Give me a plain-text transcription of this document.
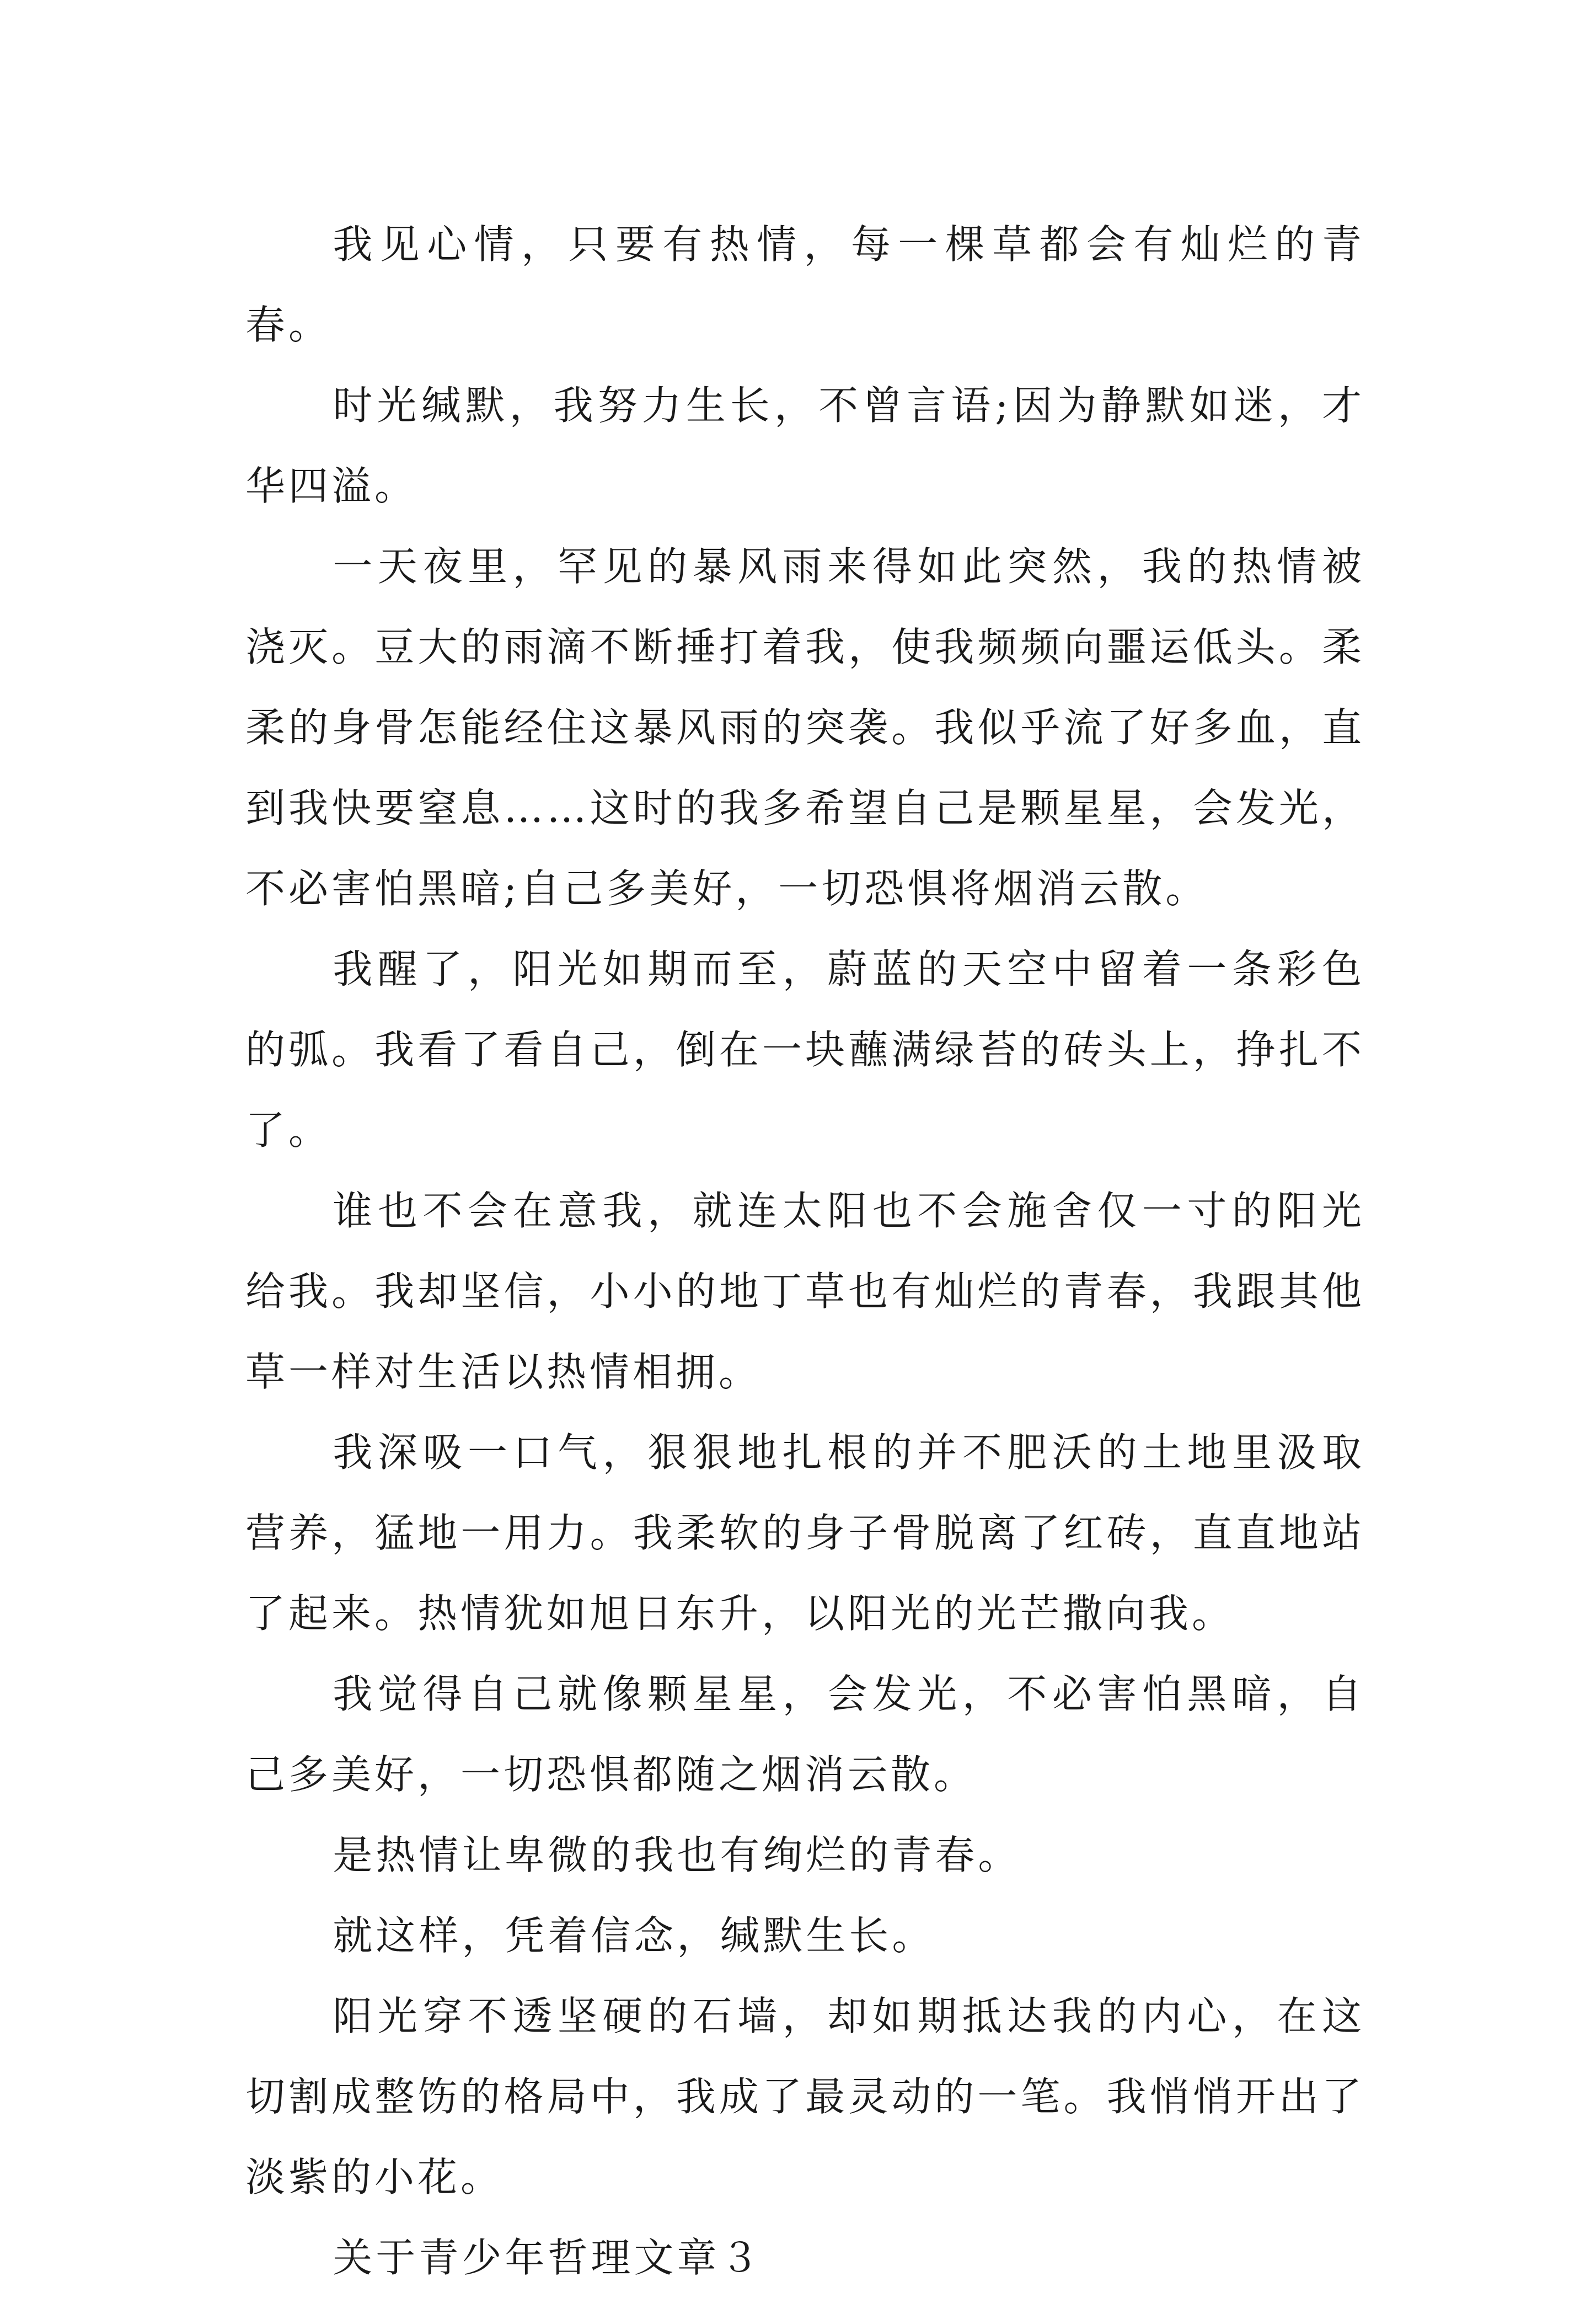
我见心情，只要有热情，每一棵草都会有灿烂的青春。

时光缄默，我努力生长，不曾言语;因为静默如迷，才华四溢。

一天夜里，罕见的暴风雨来得如此突然，我的热情被浇灭。豆大的雨滴不断捶打着我，使我频频向噩运低头。柔柔的身骨怎能经住这暴风雨的突袭。我似乎流了好多血，直到我快要窒息……这时的我多希望自己是颗星星，会发光，不必害怕黑暗;自己多美好，一切恐惧将烟消云散。

我醒了，阳光如期而至，蔚蓝的天空中留着一条彩色的弧。我看了看自己，倒在一块蘸满绿苔的砖头上，挣扎不了。

谁也不会在意我，就连太阳也不会施舍仅一寸的阳光给我。我却坚信，小小的地丁草也有灿烂的青春，我跟其他草一样对生活以热情相拥。

我深吸一口气，狠狠地扎根的并不肥沃的土地里汲取营养，猛地一用力。我柔软的身子骨脱离了红砖，直直地站了起来。热情犹如旭日东升，以阳光的光芒撒向我。

我觉得自己就像颗星星，会发光，不必害怕黑暗，自己多美好，一切恐惧都随之烟消云散。

是热情让卑微的我也有绚烂的青春。

就这样，凭着信念，缄默生长。

阳光穿不透坚硬的石墙，却如期抵达我的内心，在这切割成整饬的格局中，我成了最灵动的一笔。我悄悄开出了淡紫的小花。

关于青少年哲理文章３
